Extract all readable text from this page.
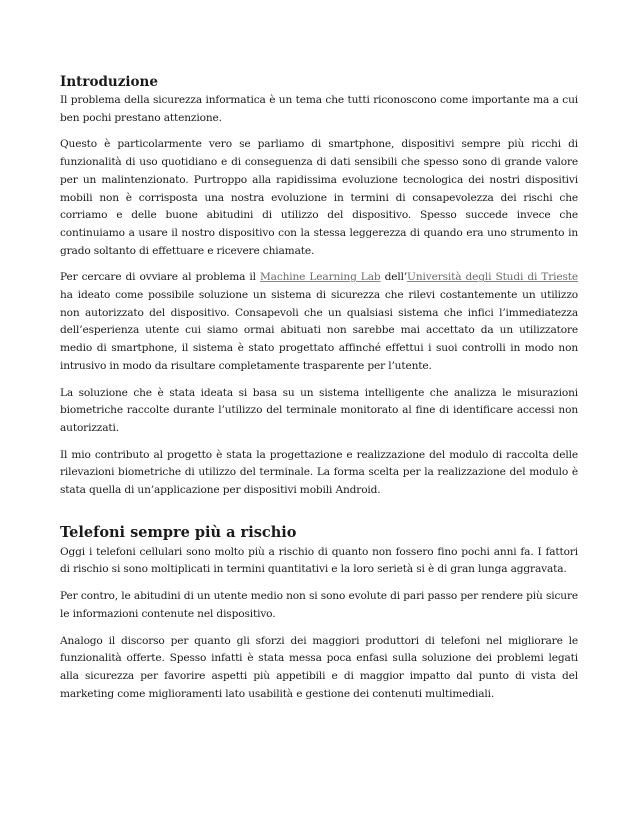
Introduzione

Il problema della sicurezza informatica è un tema che tutti riconoscono come importante ma a cui ben pochi prestano attenzione.

Questo è particolarmente vero se parliamo di smartphone, dispositivi sempre più ricchi di funzionalità di uso quotidiano e di conseguenza di dati sensibili che spesso sono di grande valore per un malintenzionato. Purtroppo alla rapidissima evoluzione tecnologica dei nostri dispositivi mobili non è corrisposta una nostra evoluzione in termini di consapevolezza dei rischi che corriamo e delle buone abitudini di utilizzo del dispositivo. Spesso succede invece che continuiamo a usare il nostro dispositivo con la stessa leggerezza di quando era uno strumento in grado soltanto di effettuare e ricevere chiamate.

Per cercare di ovviare al problema il Machine Learning Lab dell’Università degli Studi di Trieste ha ideato come possibile soluzione un sistema di sicurezza che rilevi costantemente un utilizzo non autorizzato del dispositivo. Consapevoli che un qualsiasi sistema che infici l’immediatezza dell’esperienza utente cui siamo ormai abituati non sarebbe mai accettato da un utilizzatore medio di smartphone, il sistema è stato progettato affinché effettui i suoi controlli in modo non intrusivo in modo da risultare completamente trasparente per l’utente.

La soluzione che è stata ideata si basa su un sistema intelligente che analizza le misurazioni biometriche raccolte durante l’utilizzo del terminale monitorato al fine di identificare accessi non autorizzati.

Il mio contributo al progetto è stata la progettazione e realizzazione del modulo di raccolta delle rilevazioni biometriche di utilizzo del terminale. La forma scelta per la realizzazione del modulo è stata quella di un’applicazione per dispositivi mobili Android.

Telefoni sempre più a rischio

Oggi i telefoni cellulari sono molto più a rischio di quanto non fossero fino pochi anni fa. I fattori di rischio si sono moltiplicati in termini quantitativi e la loro serietà si è di gran lunga aggravata.

Per contro, le abitudini di un utente medio non si sono evolute di pari passo per rendere più sicure le informazioni contenute nel dispositivo.

Analogo il discorso per quanto gli sforzi dei maggiori produttori di telefoni nel migliorare le funzionalità offerte. Spesso infatti è stata messa poca enfasi sulla soluzione dei problemi legati alla sicurezza per favorire aspetti più appetibili e di maggior impatto dal punto di vista del marketing come miglioramenti lato usabilità e gestione dei contenuti multimediali.
